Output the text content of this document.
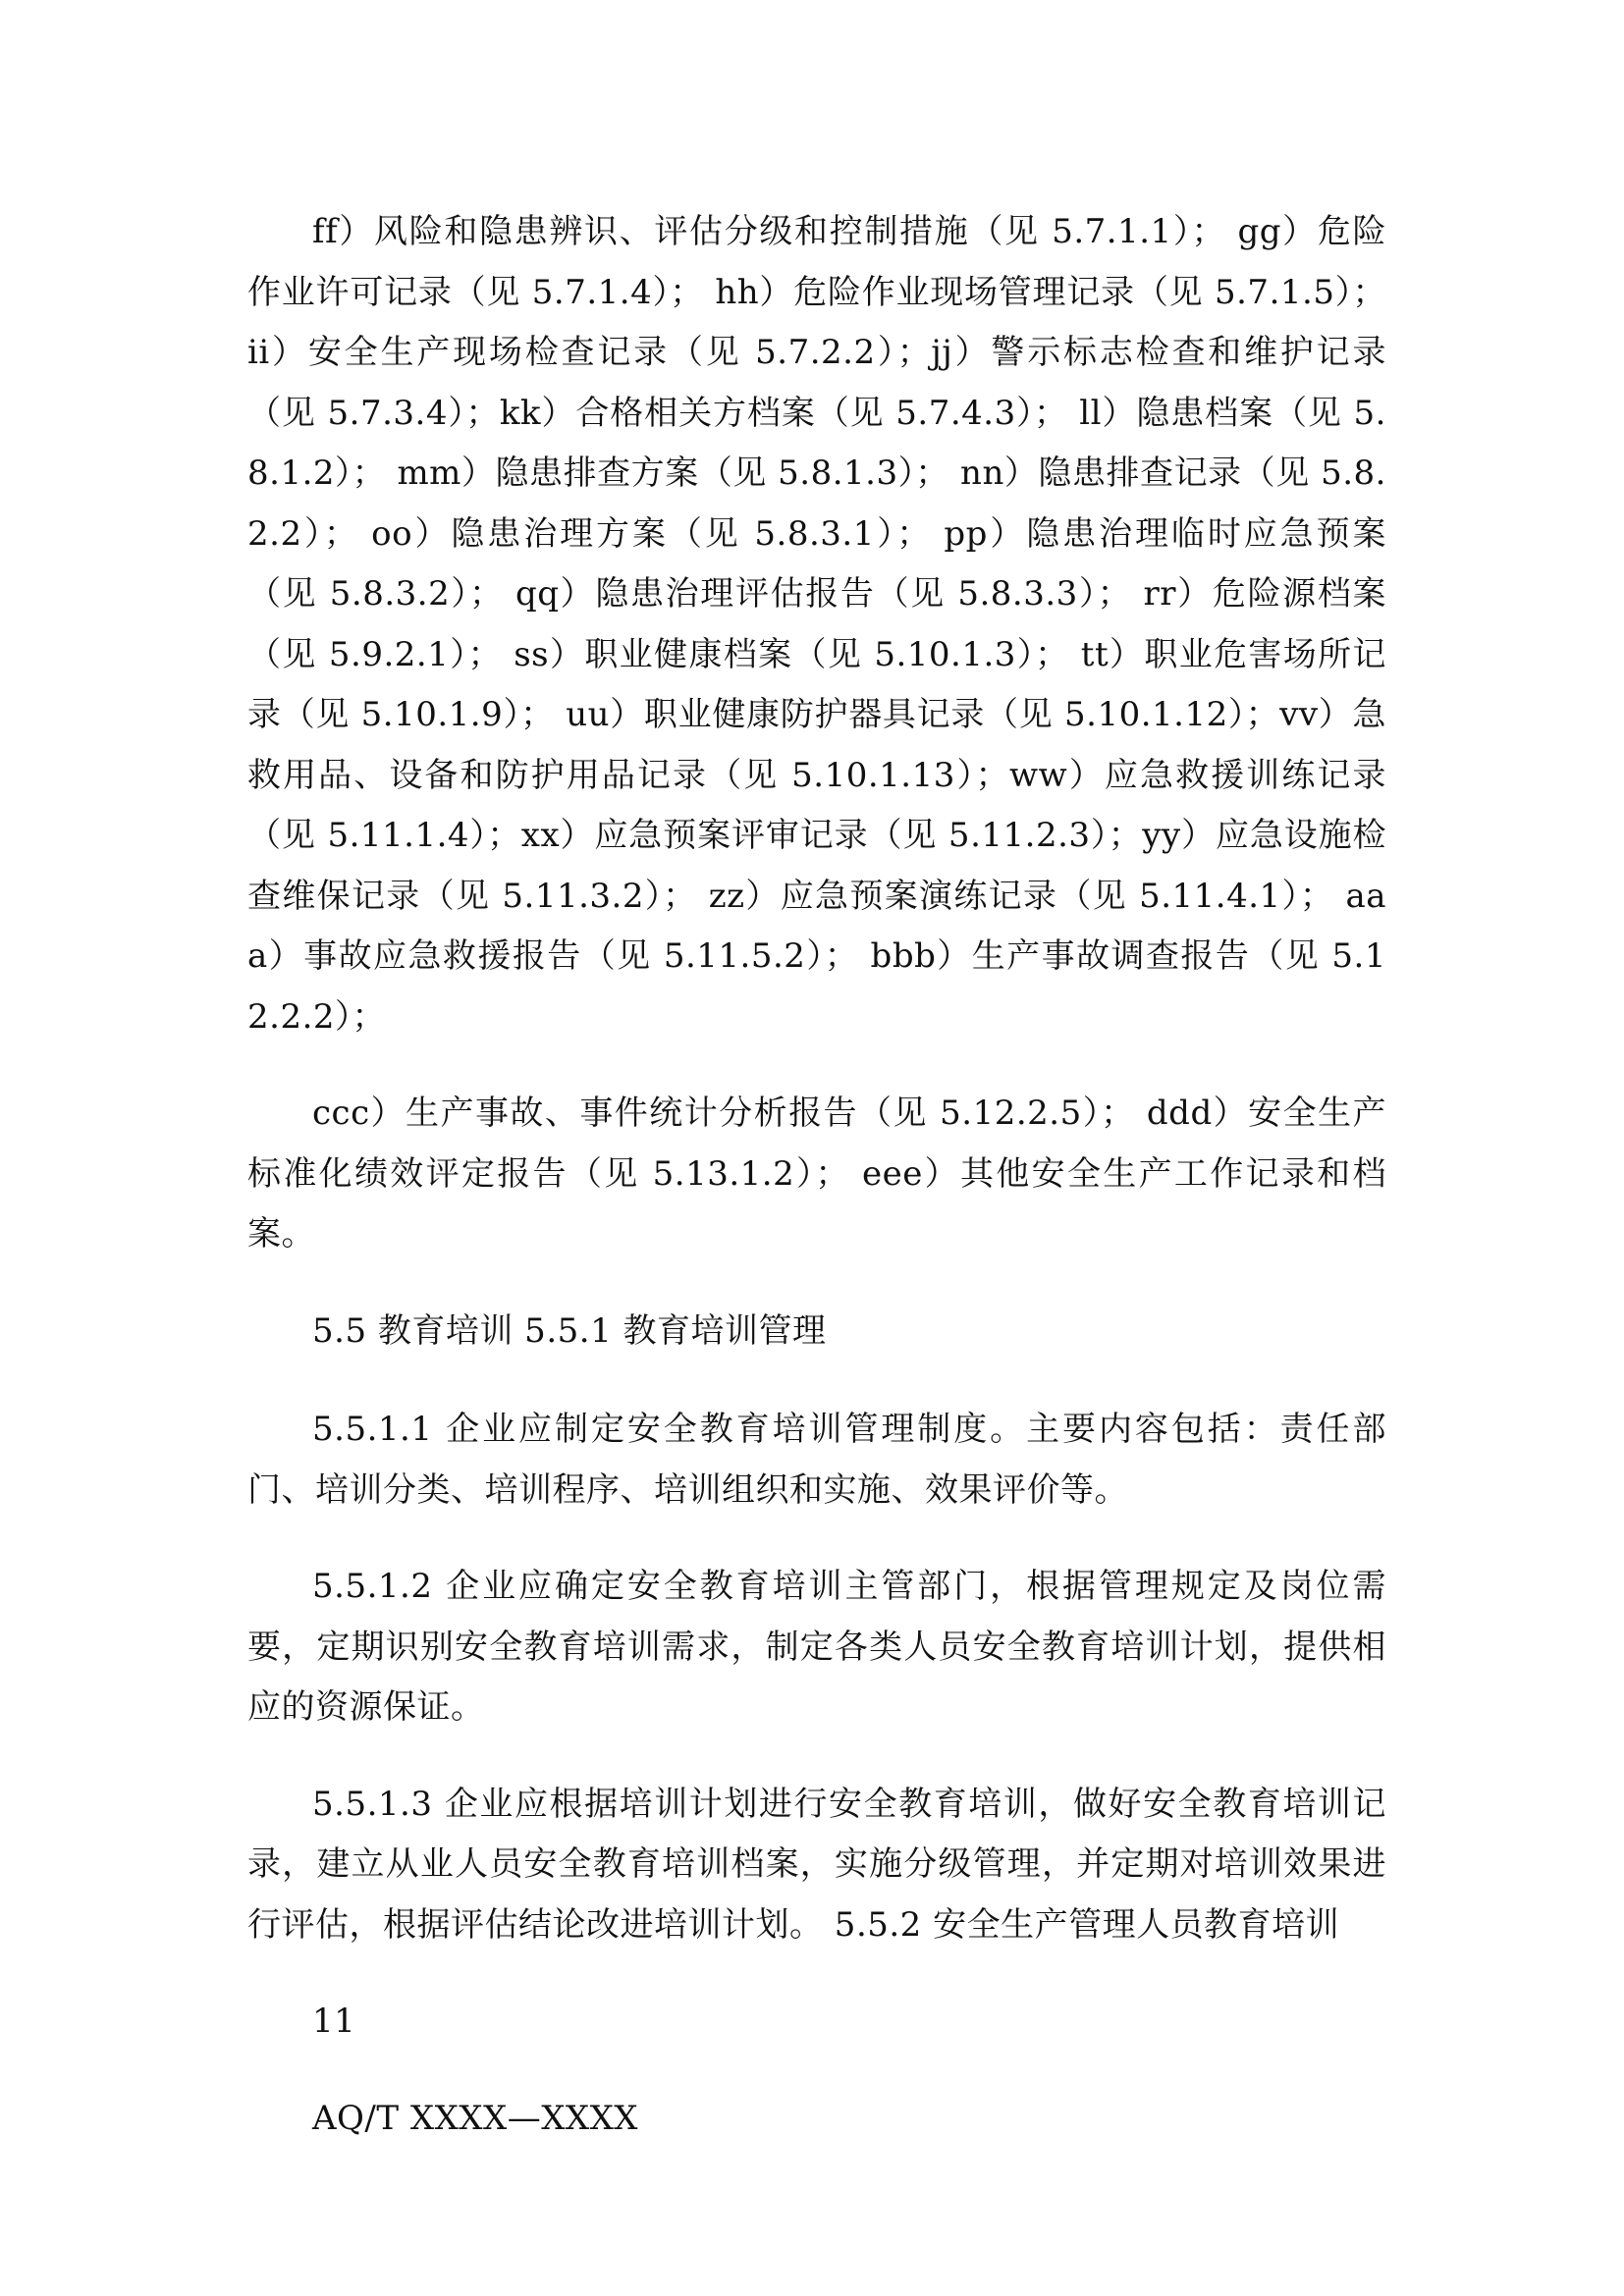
ff）风险和隐患辨识、评估分级和控制措施（见 5.7.1.1）； gg）危险作业许可记录（见 5.7.1.4）； hh）危险作业现场管理记录（见 5.7.1.5）； ii）安全生产现场检查记录（见 5.7.2.2）；jj）警示标志检查和维护记录（见 5.7.3.4）；kk）合格相关方档案（见 5.7.4.3）； ll）隐患档案（见 5.8.1.2）； mm）隐患排查方案（见 5.8.1.3）； nn）隐患排查记录（见 5.8.2.2）； oo）隐患治理方案（见 5.8.3.1）； pp）隐患治理临时应急预案（见 5.8.3.2）； qq）隐患治理评估报告（见 5.8.3.3）； rr）危险源档案（见 5.9.2.1）； ss）职业健康档案（见 5.10.1.3）； tt）职业危害场所记录（见 5.10.1.9）； uu）职业健康防护器具记录（见 5.10.1.12）；vv）急救用品、设备和防护用品记录（见 5.10.1.13）；ww）应急救援训练记录（见 5.11.1.4）；xx）应急预案评审记录（见 5.11.2.3）；yy）应急设施检查维保记录（见 5.11.3.2）； zz）应急预案演练记录（见 5.11.4.1）； aaa）事故应急救援报告（见 5.11.5.2）； bbb）生产事故调查报告（见 5.12.2.2）；

ccc）生产事故、事件统计分析报告（见 5.12.2.5）； ddd）安全生产标准化绩效评定报告（见 5.13.1.2）； eee）其他安全生产工作记录和档案。

5.5 教育培训 5.5.1 教育培训管理

5.5.1.1 企业应制定安全教育培训管理制度。主要内容包括：责任部门、培训分类、培训程序、培训组织和实施、效果评价等。

5.5.1.2 企业应确定安全教育培训主管部门，根据管理规定及岗位需要，定期识别安全教育培训需求，制定各类人员安全教育培训计划，提供相应的资源保证。

5.5.1.3 企业应根据培训计划进行安全教育培训，做好安全教育培训记录，建立从业人员安全教育培训档案，实施分级管理，并定期对培训效果进行评估，根据评估结论改进培训计划。 5.5.2 安全生产管理人员教育培训

11

AQ/T XXXX—XXXX
